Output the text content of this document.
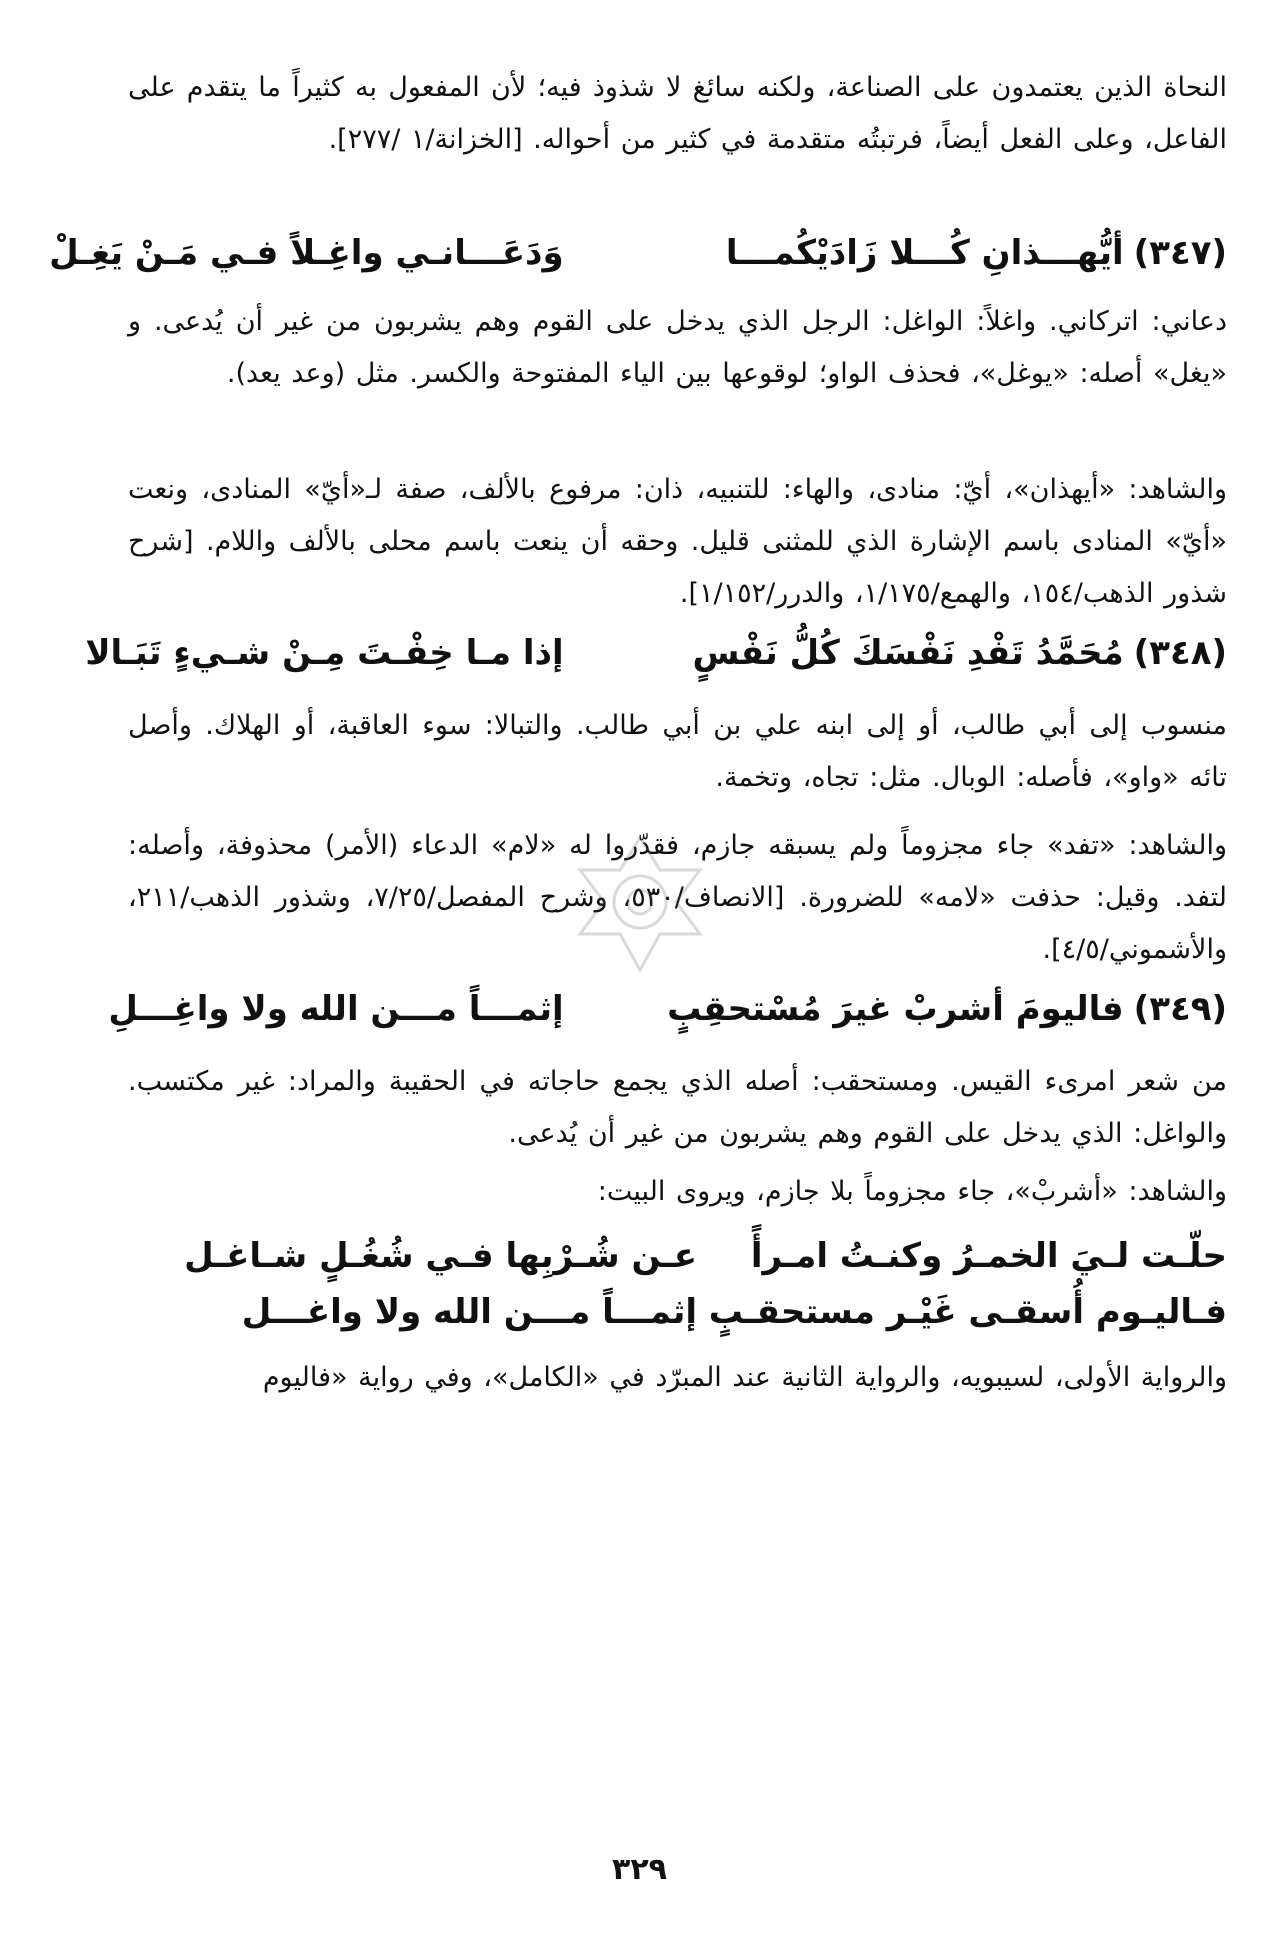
النحاة الذين يعتمدون على الصناعة، ولكنه سائغ لا شذوذ فيه؛ لأن المفعول به كثيراً ما يتقدم على الفاعل، وعلى الفعل أيضاً، فرتبتُه متقدمة في كثير من أحواله. [الخزانة/١ /٢٧٧].

(٣٤٧)
أيُّهـــذانِ كُـــلا زَادَيْكُمـــا
وَدَعَـــانـي واغِـلاً فـي مَـنْ يَغِـلْ

دعاني: اتركاني. واغلاً: الواغل: الرجل الذي يدخل على القوم وهم يشربون من غير أن يُدعى. و «يغل» أصله: «يوغل»، فحذف الواو؛ لوقوعها بين الياء المفتوحة والكسر. مثل (وعد يعد).

والشاهد: «أيهذان»، أيّ: منادى، والهاء: للتنبيه، ذان: مرفوع بالألف، صفة لـ«أيّ» المنادى، ونعت «أيّ» المنادى باسم الإشارة الذي للمثنى قليل. وحقه أن ينعت باسم محلى بالألف واللام. [شرح شذور الذهب/١٥٤، والهمع/١/١٧٥، والدرر/١/١٥٢].

(٣٤٨)
مُحَمَّدُ تَفْدِ نَفْسَكَ كُلُّ نَفْسٍ
إذا مـا خِفْـتَ مِـنْ شـيءٍ تَبَـالا

منسوب إلى أبي طالب، أو إلى ابنه علي بن أبي طالب. والتبالا: سوء العاقبة، أو الهلاك. وأصل تائه «واو»، فأصله: الوبال. مثل: تجاه، وتخمة.

والشاهد: «تفد» جاء مجزوماً ولم يسبقه جازم، فقدّروا له «لام» الدعاء (الأمر) محذوفة، وأصله: لتفد. وقيل: حذفت «لامه» للضرورة. [الانصاف/٥٣٠، وشرح المفصل/٧/٢٥، وشذور الذهب/٢١١، والأشموني/٤/٥].

(٣٤٩)
فاليومَ أشربْ غيرَ مُسْتحقِبٍ
إثمـــاً مـــن الله ولا واغِـــلِ

من شعر امرىء القيس. ومستحقب: أصله الذي يجمع حاجاته في الحقيبة والمراد: غير مكتسب. والواغل: الذي يدخل على القوم وهم يشربون من غير أن يُدعى.

والشاهد: «أشربْ»، جاء مجزوماً بلا جازم، ويروى البيت:

حلّـت لـيَ الخمـرُ وكنـتُ امـرأً
عـن شُـرْبِها فـي شُغُـلٍ شـاغـل
فـاليـوم أُسقـى غَيْـر مستحقـبٍ
إثمـــاً مـــن الله ولا واغـــل

والرواية الأولى، لسيبويه، والرواية الثانية عند المبرّد في «الكامل»، وفي رواية «فاليوم

٣٢٩
